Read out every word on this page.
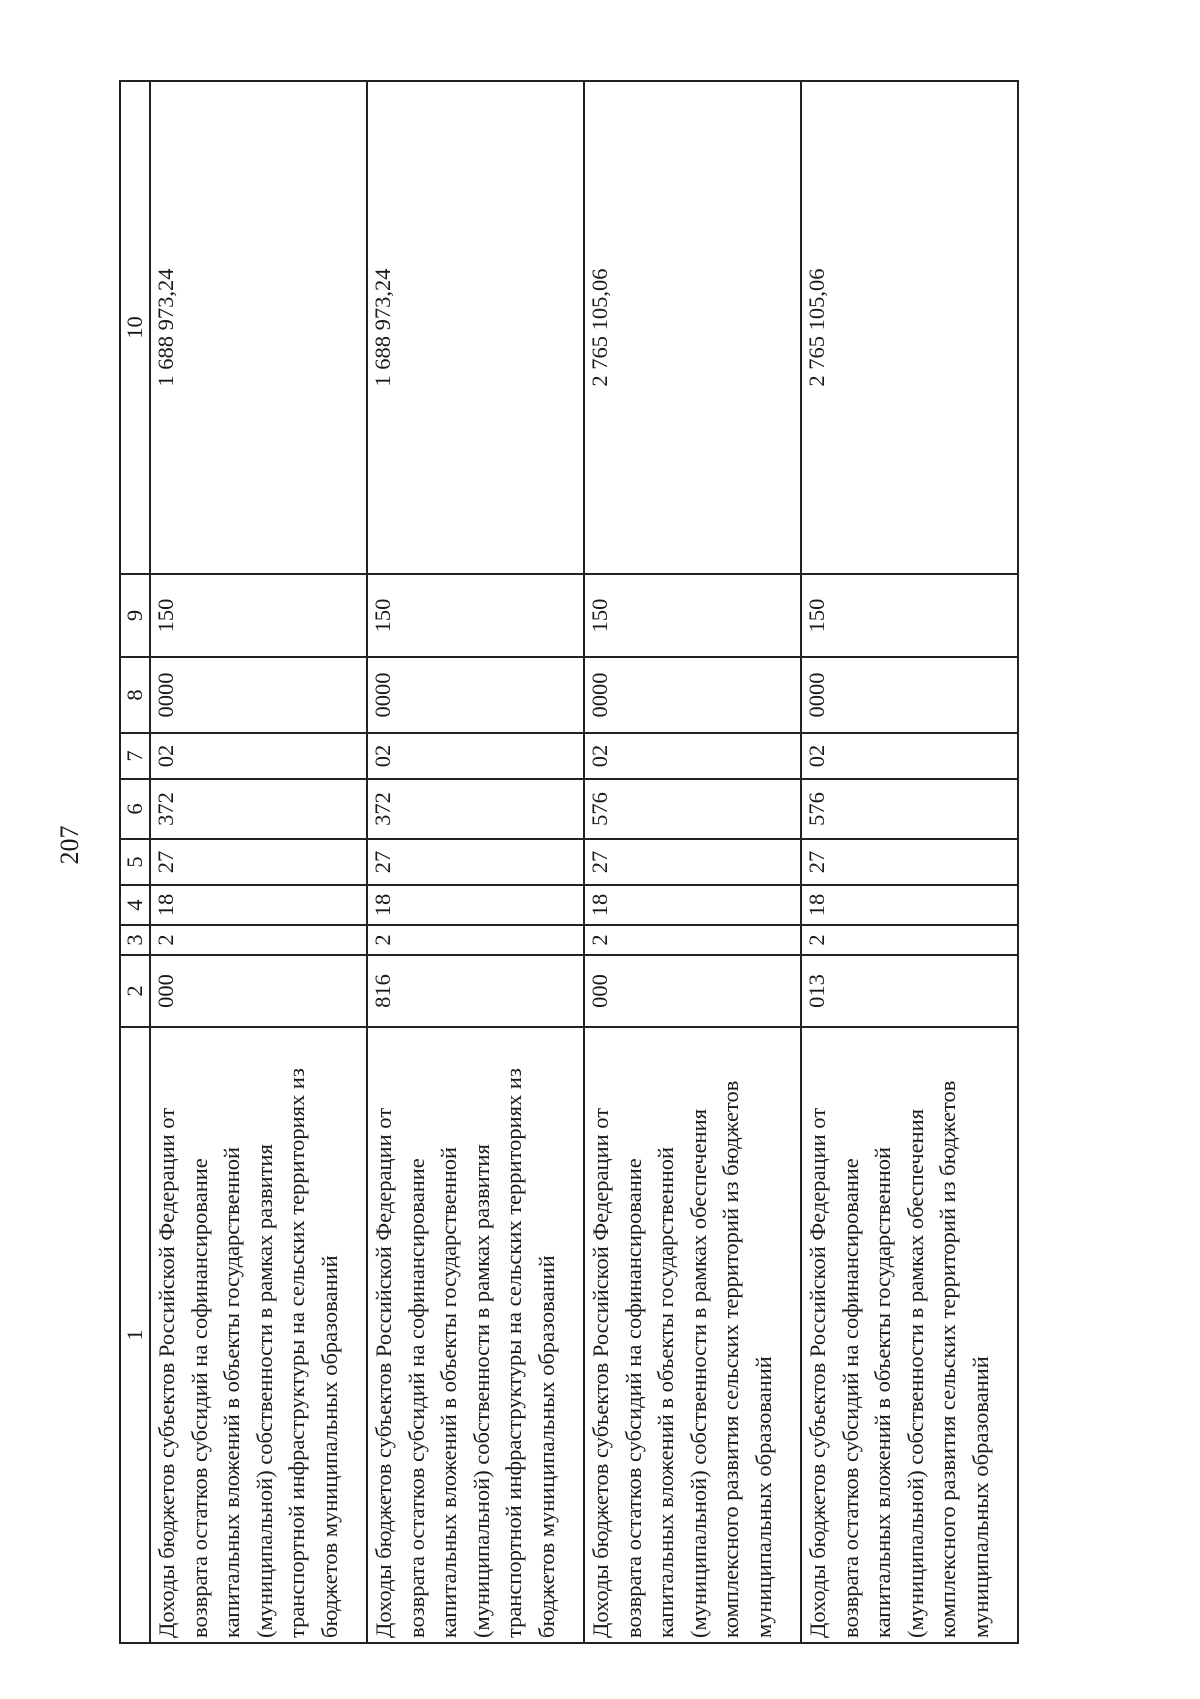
207
1	2	3	4	5	6	7	8	9	10
Доходы бюджетов субъектов Российской Федерации от возврата остатков субсидий на софинансирование капитальных вложений в объекты государственной (муниципальной) собственности в рамках развития транспортной инфраструктуры на сельских территориях из бюджетов муниципальных образований	000	2	18	27	372	02	0000	150	1 688 973,24
Доходы бюджетов субъектов Российской Федерации от возврата остатков субсидий на софинансирование капитальных вложений в объекты государственной (муниципальной) собственности в рамках развития транспортной инфраструктуры на сельских территориях из бюджетов муниципальных образований	816	2	18	27	372	02	0000	150	1 688 973,24
Доходы бюджетов субъектов Российской Федерации от возврата остатков субсидий на софинансирование капитальных вложений в объекты государственной (муниципальной) собственности в рамках обеспечения комплексного развития сельских территорий из бюджетов муниципальных образований	000	2	18	27	576	02	0000	150	2 765 105,06
Доходы бюджетов субъектов Российской Федерации от возврата остатков субсидий на софинансирование капитальных вложений в объекты государственной (муниципальной) собственности в рамках обеспечения комплексного развития сельских территорий из бюджетов муниципальных образований	013	2	18	27	576	02	0000	150	2 765 105,06
